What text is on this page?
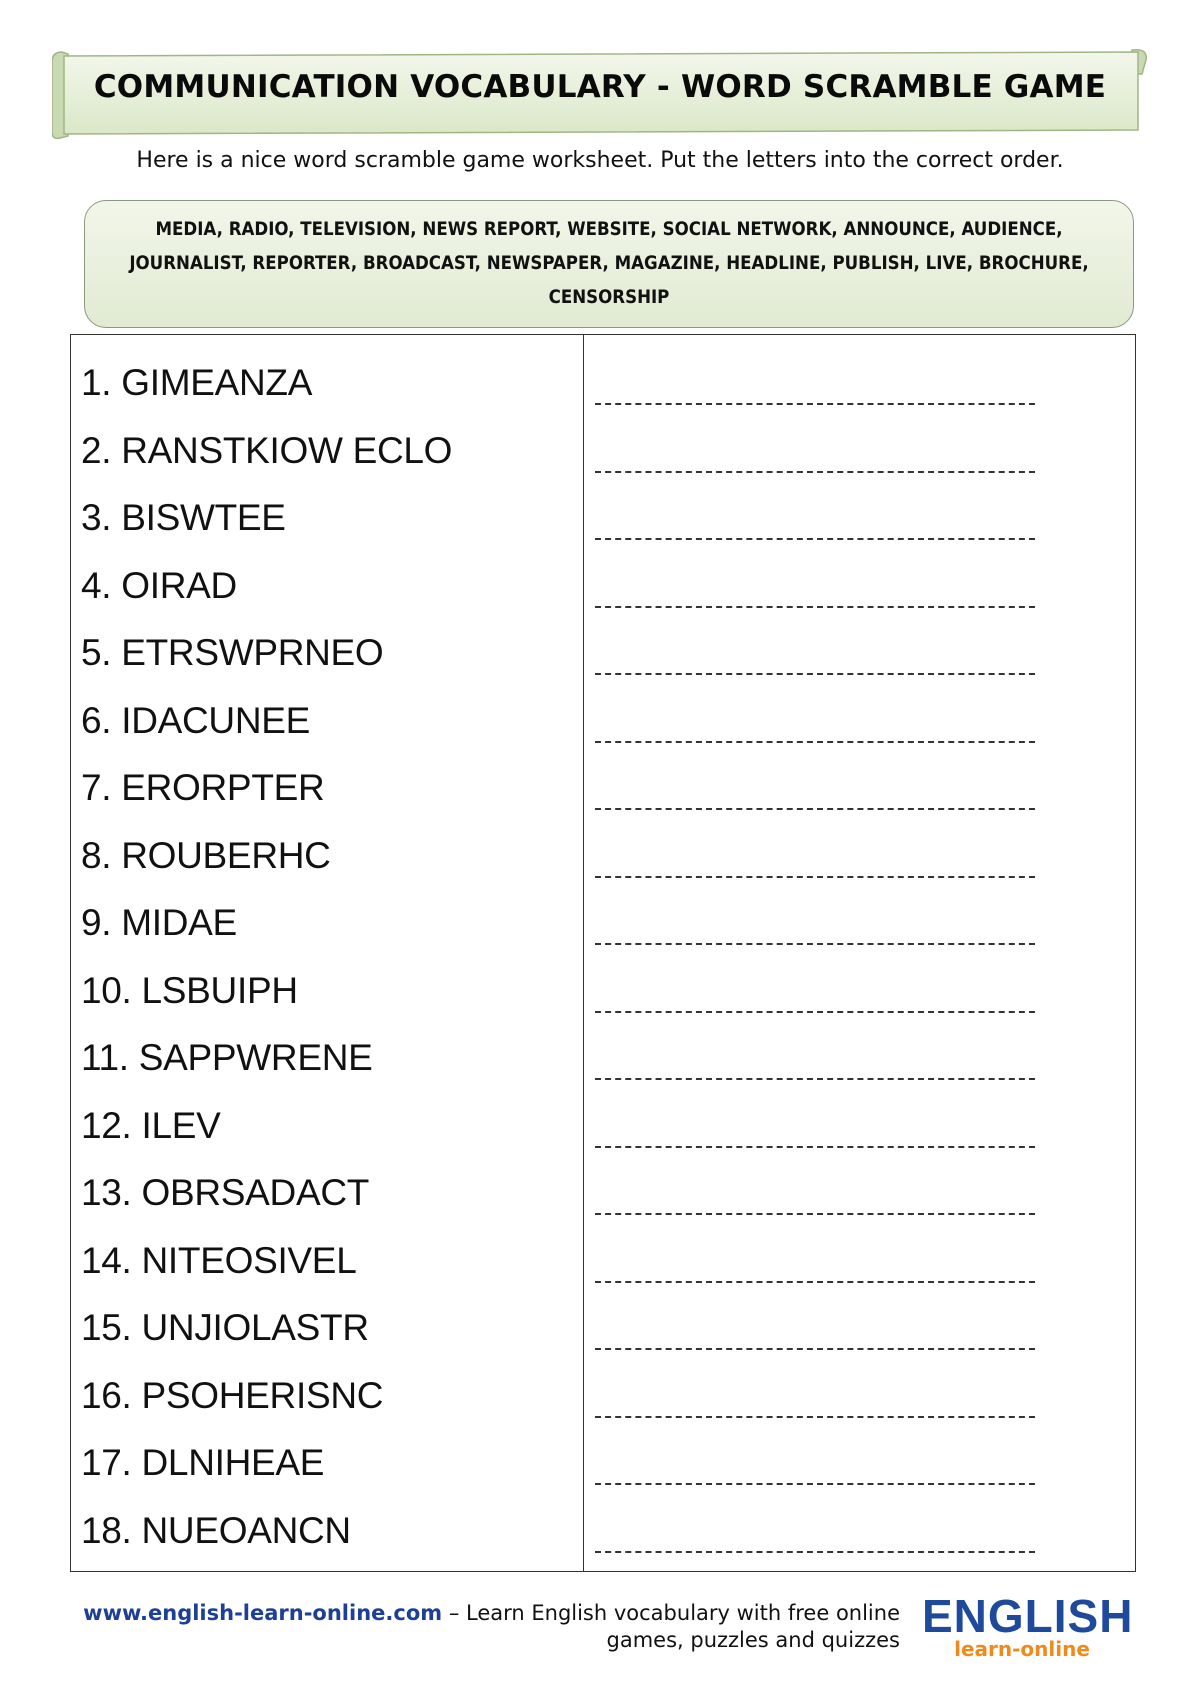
COMMUNICATION VOCABULARY - WORD SCRAMBLE GAME
Here is a nice word scramble game worksheet. Put the letters into the correct order.
MEDIA, RADIO, TELEVISION, NEWS REPORT, WEBSITE, SOCIAL NETWORK, ANNOUNCE, AUDIENCE, JOURNALIST, REPORTER, BROADCAST, NEWSPAPER, MAGAZINE, HEADLINE, PUBLISH, LIVE, BROCHURE, CENSORSHIP
1. GIMEANZA
2. RANSTKIOW ECLO
3. BISWTEE
4. OIRAD
5. ETRSWPRNEO
6. IDACUNEE
7. ERORPTER
8. ROUBERHC
9. MIDAE
10. LSBUIPH
11. SAPPWRENE
12. ILEV
13. OBRSADACT
14. NITEOSIVEL
15. UNJIOLASTR
16. PSOHERISNC
17. DLNIHEAE
18. NUEOANCN
www.english-learn-online.com – Learn English vocabulary with free online
games, puzzles and quizzes ENGLISH
learn-online
